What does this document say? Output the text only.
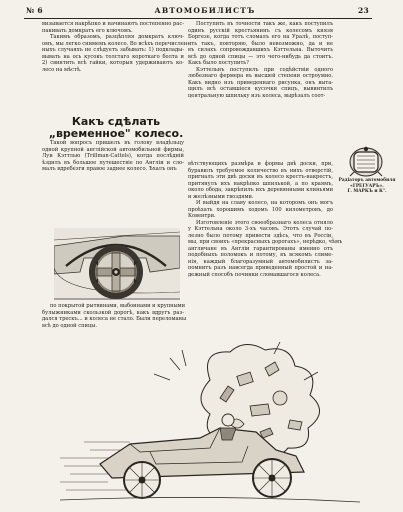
№ 6	АВТОМОБИЛИСТЪ	23
визывается накрѣпко и начинаютъ постепенно рас-
пакивать домкратъ его ключомъ.
Такимъ образомъ, разцѣпляя домкратъ ключ-
омъ, мы легко снимемъ колесо. Во всѣхъ перечислен-
ныхъ случаяхъ не слѣдуетъ забывать: 1) подклады-
вывать на ось кусокъ толстаго короткаго болта и
2) свинтить всѣ гайки, которыя удерживаютъ ко-
лесо на мѣстѣ.
Какъ сдѣлать „временное" колесо.
Такой вопросъ пришелъ въ голову владѣльцу
одной крупной англійской автомобильной фирмы,
Луи Кэттлью (Trillman-Cattels), когда послѣдній
ѣздилъ въ большое путешествіе по Англіи и сло-
малъ вдребезги правое заднее колесо. Ѣхалъ онъ
по покрытой рытвинами, выбоинами и крупными
булыжниками скользкой дорогѣ, какъ вдругъ раз-
дался трескъ... и колеса не стало. Были переломаны
всѣ до одной спицы.
Поступить въ точности такъ же, какъ поступилъ
одинъ русскій крестьянинъ съ колесомъ князя
Боргезе, когда тотъ сломалъ его на Уралѣ, поступ-
ить такъ, повторяю, было невозможно, да и не
въ силахъ сопровождавшихъ Кэттельна. Выточить
всѣ до одной спицы — это чего-нибудь да стоитъ.
Какъ было поступить?
Кэттельнъ поступилъ при содѣйствіи одного
любезнаго фермера въ высшей степени остроумно.
Какъ видно изъ приведеннаго рисунка, онъ выта-
щилъ всѣ оставшіеся кусочки спицъ, вывинтилъ
центральную шпильку изъ колеса, вырѣзалъ соот-
вѣтствующихъ размѣра и формы двѣ доски, при,
буравилъ требуемое количество въ нихъ отверстій,
пригналъ эти двѣ доски въ колесо крестъ-накрестъ,
притянулъ ихъ накрѣпко шпилькой, а по краямъ,
около обода, закрѣпилъ ихъ деревянными клиньями
и желѣзными гвоздями.
И выйдя на славу колесо, на которомъ онъ могъ
проѣхать хорошимъ ходомъ 100 километровъ, до
Ковентри.
Изготовленіе этого своеобразнаго колеса отняло
у Кэттельна около 3-хъ часовъ. Этотъ случай по-
лезно было потому привести здѣсь, что въ Россіи,
мы, при своихъ «прекрасныхъ дорогахъ», нерѣдко, чѣмъ
англичане въ Англіи гарантированы именно отъ
подобныхъ поломокъ и потому, въ всякомъ слиме-
нія, каждый благоразумный автомобилистъ за-
помнитъ разъ навсегда приведенный простой и на-
дежный способъ починки сломавшагося колеса.
Радіаторъ автомобиля
«ГРЕГУАРЪ».
Г. МАРКЪ и К°.
